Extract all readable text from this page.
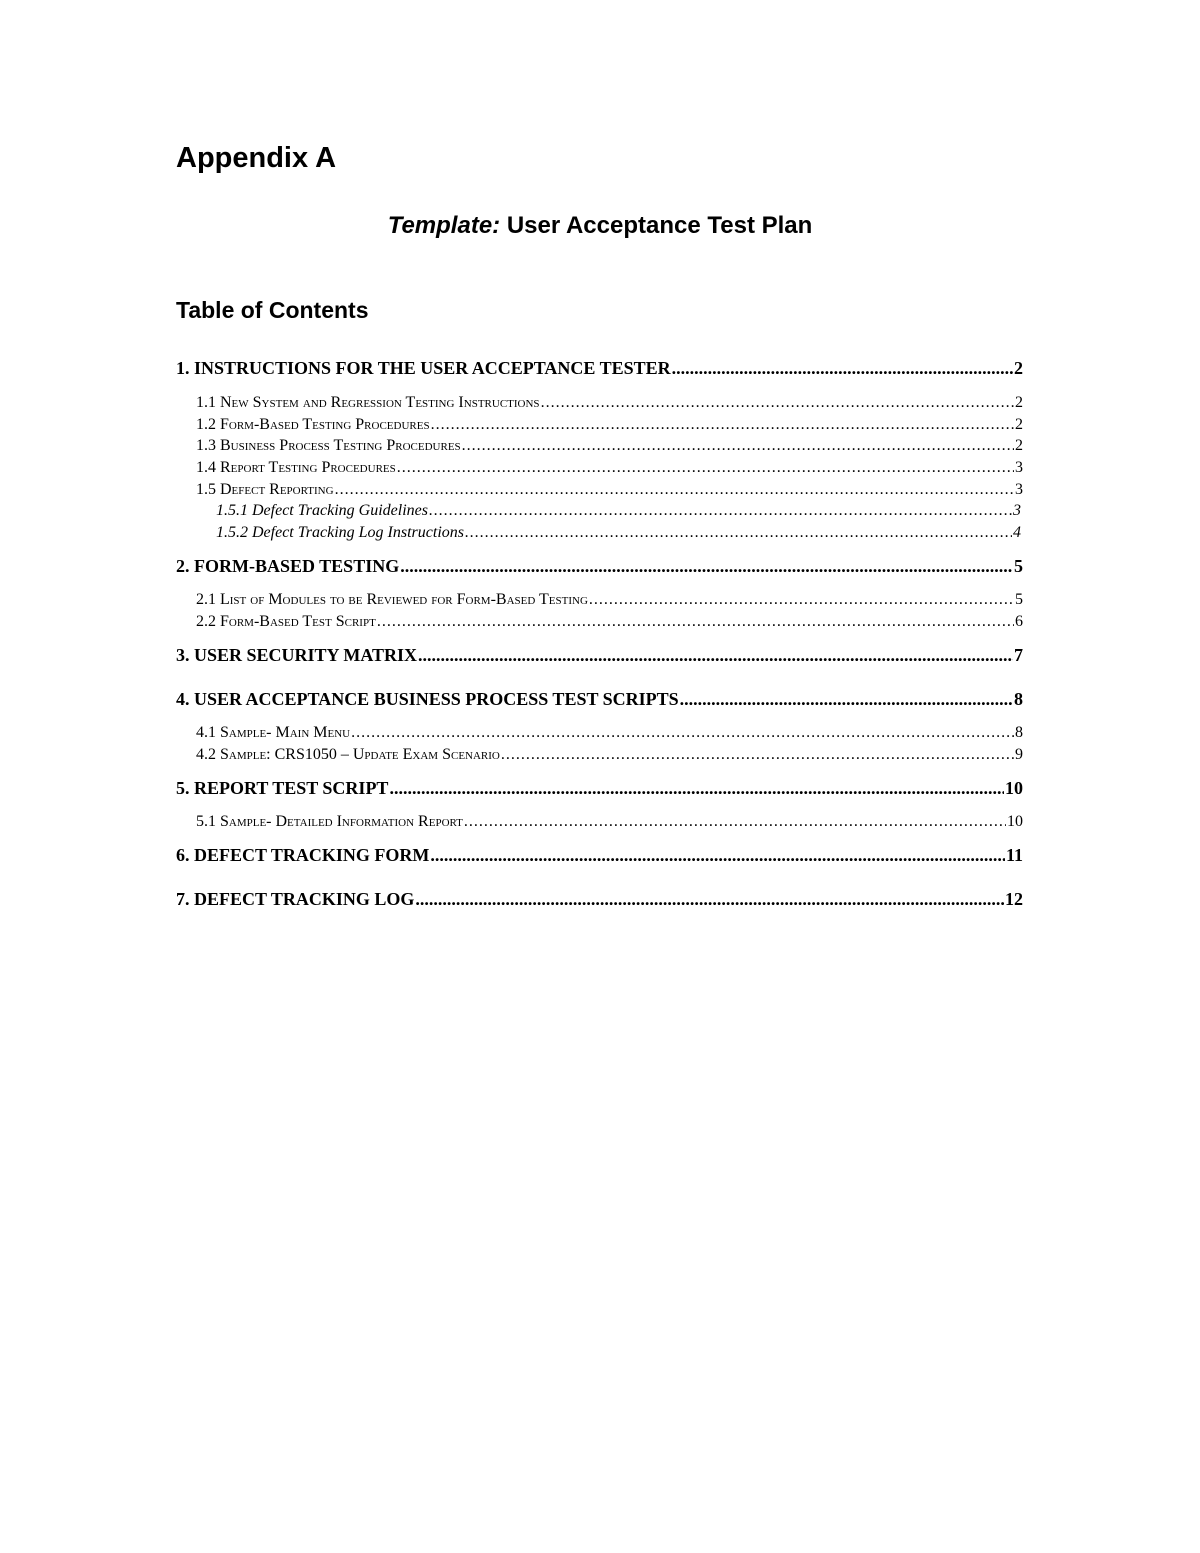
Appendix A
Template: User Acceptance Test Plan
Table of Contents
1. INSTRUCTIONS FOR THE USER ACCEPTANCE TESTER .....	2
1.1 New System and Regression Testing Instructions .....	2
1.2 Form-Based Testing Procedures .....	2
1.3 Business Process Testing Procedures .....	2
1.4 Report Testing Procedures .....	3
1.5 Defect Reporting .....	3
1.5.1 Defect Tracking Guidelines .....	3
1.5.2 Defect Tracking Log Instructions .....	4
2. FORM-BASED TESTING .....	5
2.1 List of Modules to be Reviewed for Form-Based Testing .....	5
2.2 Form-Based Test Script .....	6
3. USER SECURITY MATRIX .....	7
4. USER ACCEPTANCE BUSINESS PROCESS TEST SCRIPTS .....	8
4.1 Sample- Main Menu .....	8
4.2 Sample: CRS1050 – Update Exam Scenario .....	9
5. REPORT TEST SCRIPT .....	10
5.1 Sample- Detailed Information Report .....	10
6. DEFECT TRACKING FORM .....	11
7. DEFECT TRACKING LOG .....	12
